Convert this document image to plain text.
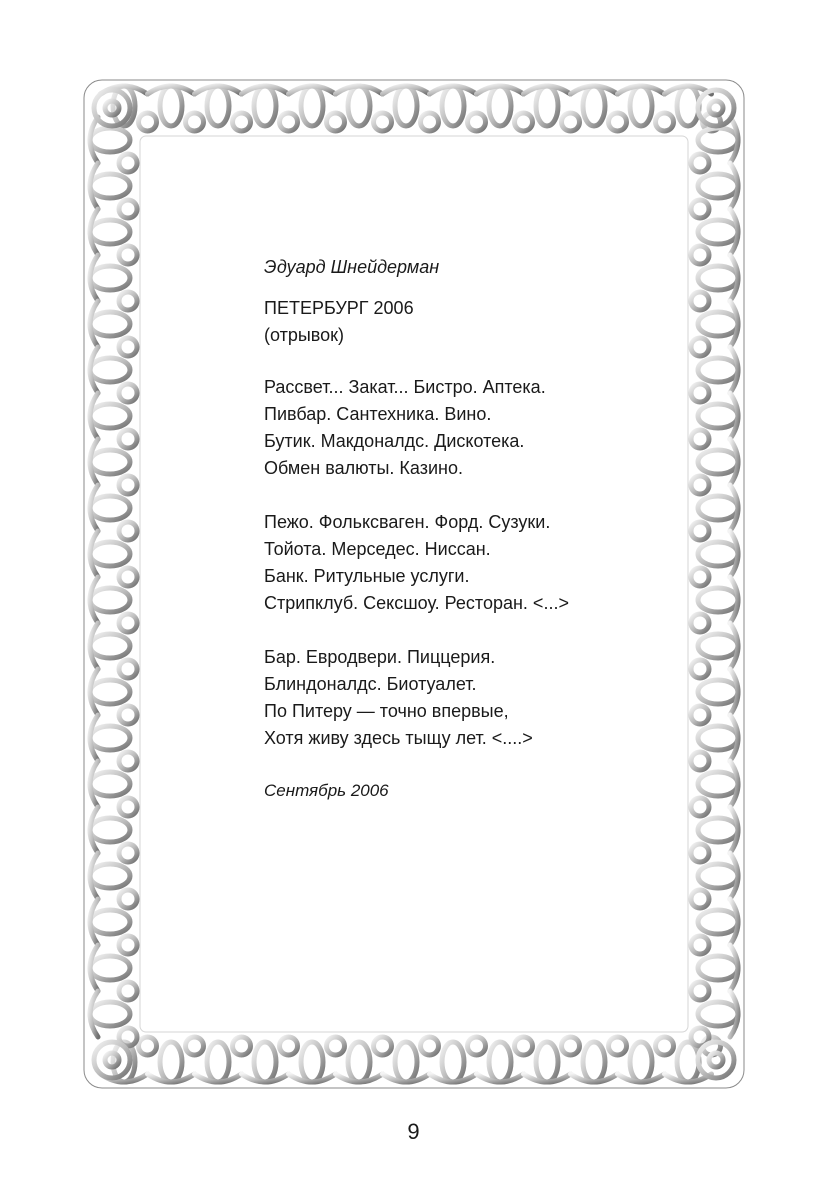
Эдуард Шнейдерман

ПЕТЕРБУРГ 2006

(отрывок)

Рассвет... Закат... Бистро. Аптека.
Пивбар. Сантехника. Вино.
Бутик. Макдоналдс. Дискотека.
Обмен валюты. Казино.
Пежо. Фольксваген. Форд. Сузуки.
Тойота. Мерседес. Ниссан.
Банк. Ритульные услуги.
Стрипклуб. Сексшоу. Ресторан. <...>
Бар. Евродвери. Пиццерия.
Блиндоналдс. Биотуалет.
По Питеру — точно впервые,
Хотя живу здесь тыщу лет. <....>

Сентябрь 2006

9
